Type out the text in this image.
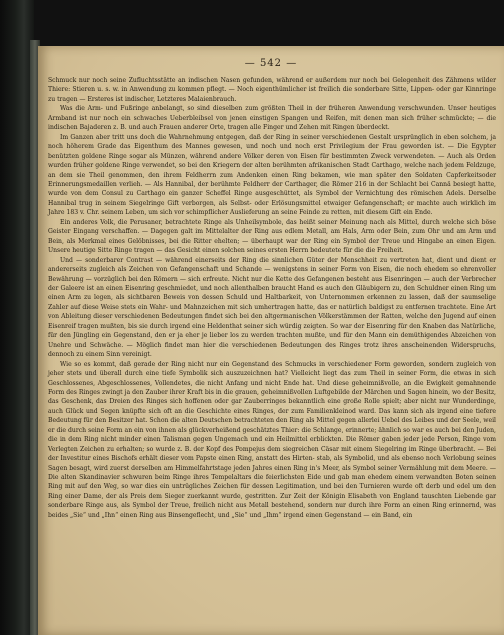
— 542 —

Schmuck nur noch seine Zufluchtsstätte an indischen Nasen gefunden, während er außerdem nur noch bei Gelegenheit des Zähmens wilder Thiere: Stieren u. s. w. in Anwendung zu kommen pflegt. — Noch eigenthümlicher ist freilich die sonderbare Sitte, Lippen- oder gar Kinnringe zu tragen — Ersteres ist indischer, Letzteres Malaienbrauch.

Was die Arm- und Fußringe anbelangt, so sind dieselben zum größten Theil in der früheren Anwendung verschwunden. Unser heutiges Armband ist nur noch ein schwaches Ueberbleibsel von jenen einstigen Spangen und Reifen, mit denen man sich früher schmückte; — die indischen Bajaderen z. B. und auch Frauen anderer Orte, tragen alle Finger und Zehen mit Ringen überdeckt.

Im Ganzen aber tritt uns doch die Wahrnehmung entgegen, daß der Ring in seiner verschiedenen Gestalt ursprünglich in eben solchem, ja noch höherem Grade das Eigenthum des Mannes gewesen, und noch und noch erst Privilegium der Frau geworden ist. — Die Egypter benützten goldene Ringe sogar als Münzen, während andere Völker deren von Eisen für bestimmten Zweck verwendeten. — Auch als Orden wurden früher goldene Ringe verwendet, so bei den Kriegern der alten berühmten afrikanischen Stadt Carthago, welche nach jedem Feldzuge, an dem sie Theil genommen, den ihrem Feldherrn zum Andenken einen Ring bekamen, wie man später den Soldaten Capferkeitsoder Erinnerungsmedaillen verlieh. — Als Hannibal, der berühmte Feldherr der Carthager, die Römer 216 in der Schlacht bei Cannä besiegt hatte, wurde von dem Consul zu Carthago ein ganzer Scheffel Ringe ausgeschüttet, als Symbol der Vernichtung des römischen Adels. Derselbe Hannibal trug in seinem Siegelringe Gift verborgen, als Selbst- oder Erlösungsmittel etwaiger Gefangenschaft; er machte auch wirklich im Jahre 183 v. Chr. seinem Leben, um sich vor schimpflicher Auslieferung an seine Feinde zu retten, mit diesem Gift ein Ende.

Ein anderes Volk, die Perusaner, betrachtete Ringe als Unheilsymbole, das heißt seiner Meinung nach als Mittel, durch welche sich böse Geister Eingang verschaffen. — Dagegen galt im Mittelalter der Ring aus edlem Metall, am Hals, Arm oder Bein, zum Ohr und am Arm und Bein, als Merkmal eines Gelöbnisses, bei die Ritter ehelten; — überhaupt war der Ring ein Symbol der Treue und Hingabe an einen Eigen. Unsere heutige Sitte Ringe tragen — das Gesicht einen solchen seines ersten Herrn bedeutete für die die Freiheit.

Und — sonderbarer Contrast — während einerseits der Ring die sinnlichen Güter der Menschheit zu vertreten hat, dient und dient er andererseits zugleich als Zeichen von Gefangenschaft und Schande — wenigstens in seiner Form von Eisen, die noch ehedem so ehrenvoller Bewährung — vorzüglich bei den Römern — sich erfreute. Nicht nur die Kette des Gefangenen besteht aus Eisenringen — auch der Verbrecher der Galeere ist an einen Eisenring geschmiedet, und noch allenthalben braucht Hand es auch den Gläubigern zu, den Schuldner einen Ring um einen Arm zu legen, als sichtbaren Beweis von dessen Schuld und Haltbarkeit, von Unternommen erkennen zu lassen, daß der saumselige Zahler auf diese Weise stets ein Wahr- und Mahnzeichen mit sich umhertragen hatte, das er natürlich baldigst zu entfernen trachtete. Eine Art von Ableitung dieser verschiedenen Bedeutungen findet sich bei den altgermanischen Völkerstämmen der Ratten, welche den Jugend auf einen Eisenreif tragen mußten, bis sie durch irgend eine Heldenthat seiner sich würdig zeigten. So war der Eisenring für den Knaben das Natürliche, für den Jüngling ein Gegenstand, den er ja eher je lieber los zu werden trachten mußte, und für den Mann ein demüthigendes Abzeichen von Unehre und Schwäche. — Möglich findet man hier die verschiedenen Bedeutungen des Ringes trotz ihres anscheinenden Widerspruchs, dennoch zu einem Sinn vereinigt.

Wie so es kommt, daß gerade der Ring nicht nur ein Gegenstand des Schmucks in verschiedener Form geworden, sondern zugleich von jeher stets und überall durch eine tiefe Symbolik sich auszuzeichnen hat? Vielleicht liegt das zum Theil in seiner Form, die etwas in sich Geschlossenes, Abgeschlossenes, Vollendetes, die nicht Anfang und nicht Ende hat. Und diese geheimnißvolle, an die Ewigkeit gemahnende Form des Ringes zwingt ja den Zauber ihrer Kraft bis in die grauen, geheimnißvollen Luftgebilde der Märchen und Sagen hinein, wo der Besitz, das Geschenk, das Dreien des Ringes sich hoffenen oder gar Zauberringes bekanntlich eine große Rolle spielt; aber nicht nur Wunderdinge, auch Glück und Segen knüpfte sich oft an die Geschichte eines Ringes, der zum Familienkleinod ward. Das kann sich als irgend eine tiefere Bedeutung für den Besitzer hat. Schon die alten Deutschen betrachteten den Ring als Mittel gegen allerlei Uebel des Leibes und der Seele, weil er die durch seine Form an ein von ihnen als glückverheißend geschätztes Thier: die Schlange, erinnerte; ähnlich so war es auch bei den Juden, die in dem Ring nicht minder einen Talisman gegen Ungemach und ein Heilmittel erblickten. Die Römer gaben jeder jede Person, Ringe vom Verlegten Zeichen zu erhalten; so wurde z. B. der Kopf des Pompejus dem siegreichen Cäsar mit einem Siegelring im Ringe überbracht. — Bei der Investitur eines Bischofs erhält dieser vom Papste einen Ring, anstatt des Hirten- stab, als Symbolid, und als ebenso noch Verlobung seines Sagen besagt, wird zuerst derselben am Himmelfahrtstage jeden Jahres einen Ring in's Meer, als Symbol seiner Vermählung mit dem Meere. — Die alten Skandinavier schwuren beim Ringe ihres Tempelaltars die feierlichsten Eide und gab man ehedem einem verwandten Boten seinen Ring mit auf den Weg, so war dies ein untrügliches Zeichen für dessen Legitimation, und bei den Turnieren wurde oft derb und edel um den Ring einer Dame, der als Preis dem Sieger zuerkannt wurde, gestritten. Zur Zeit der Königin Elisabeth von England tauschten Liebende gar sonderbare Ringe aus, als Symbol der Treue, freilich nicht aus Metall bestehend, sondern nur durch ihre Form an einen Ring erinnernd, was beides „Sie“ und „Ihn“ einen Ring aus Binsengeflecht, und „Sie“ und „Ihm“ irgend einen Gegenstand — ein Band, ein
